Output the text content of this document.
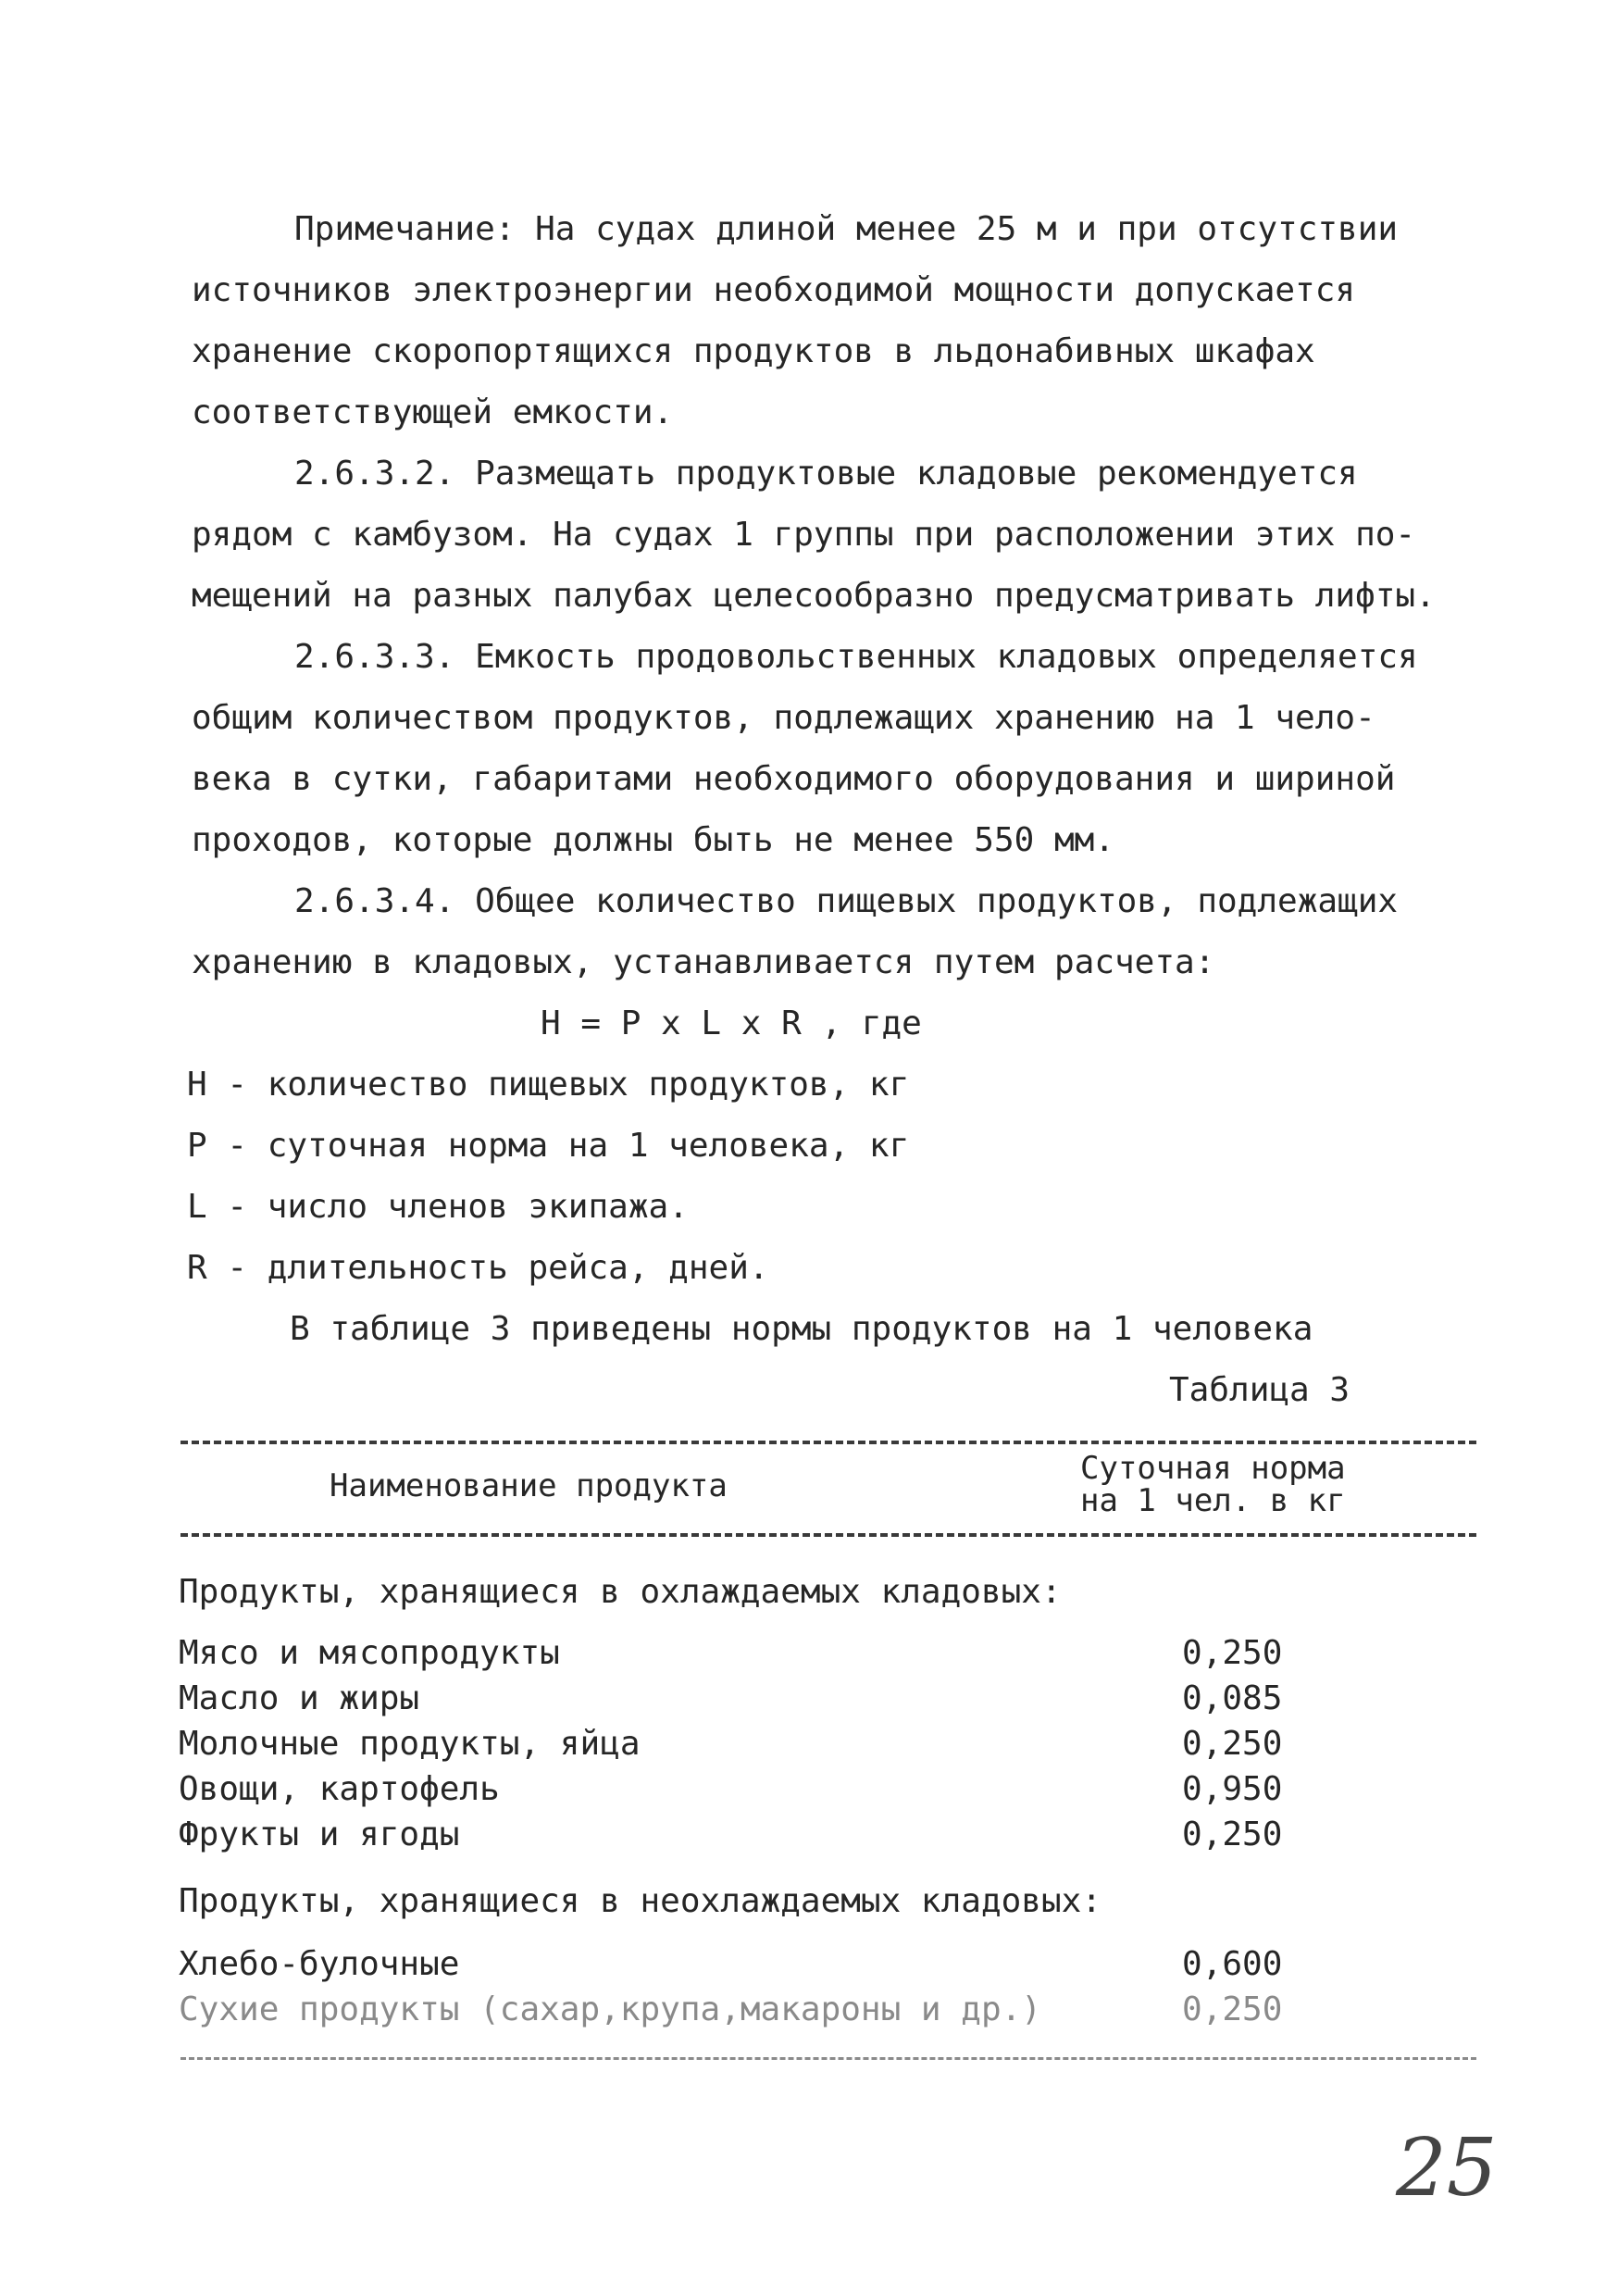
Примечание: На судах длиной менее 25 м и при отсутствии
источников электроэнергии необходимой мощности допускается
хранение скоропортящихся продуктов в льдонабивных шкафах
соответствующей емкости.
2.6.3.2. Размещать продуктовые кладовые рекомендуется
рядом с камбузом. На судах 1 группы при расположении этих по-
мещений на разных палубах целесообразно предусматривать лифты.
2.6.3.3. Емкость продовольственных кладовых определяется
общим количеством продуктов, подлежащих хранению на 1 чело-
века в сутки, габаритами необходимого оборудования и шириной
проходов, которые должны быть не менее 550 мм.
2.6.3.4. Общее количество пищевых продуктов, подлежащих
хранению в кладовых, устанавливается путем расчета:
Н = Р х L х R , где
Н - количество пищевых продуктов, кг
Р - суточная норма на 1 человека, кг
L - число членов экипажа.
R - длительность рейса, дней.
В таблице 3 приведены нормы продуктов на 1 человека
Таблица 3
Наименование продукта	Суточная норма
на 1 чел. в кг
Продукты, хранящиеся в охлаждаемых кладовых:
Мясо и мясопродукты	0,250
Масло и жиры	0,085
Молочные продукты, яйца	0,250
Овощи, картофель	0,950
Фрукты и ягоды	0,250
Продукты, хранящиеся в неохлаждаемых кладовых:
Хлебо-булочные	0,600
Сухие продукты (сахар,крупа,макароны и др.)	0,250
25
